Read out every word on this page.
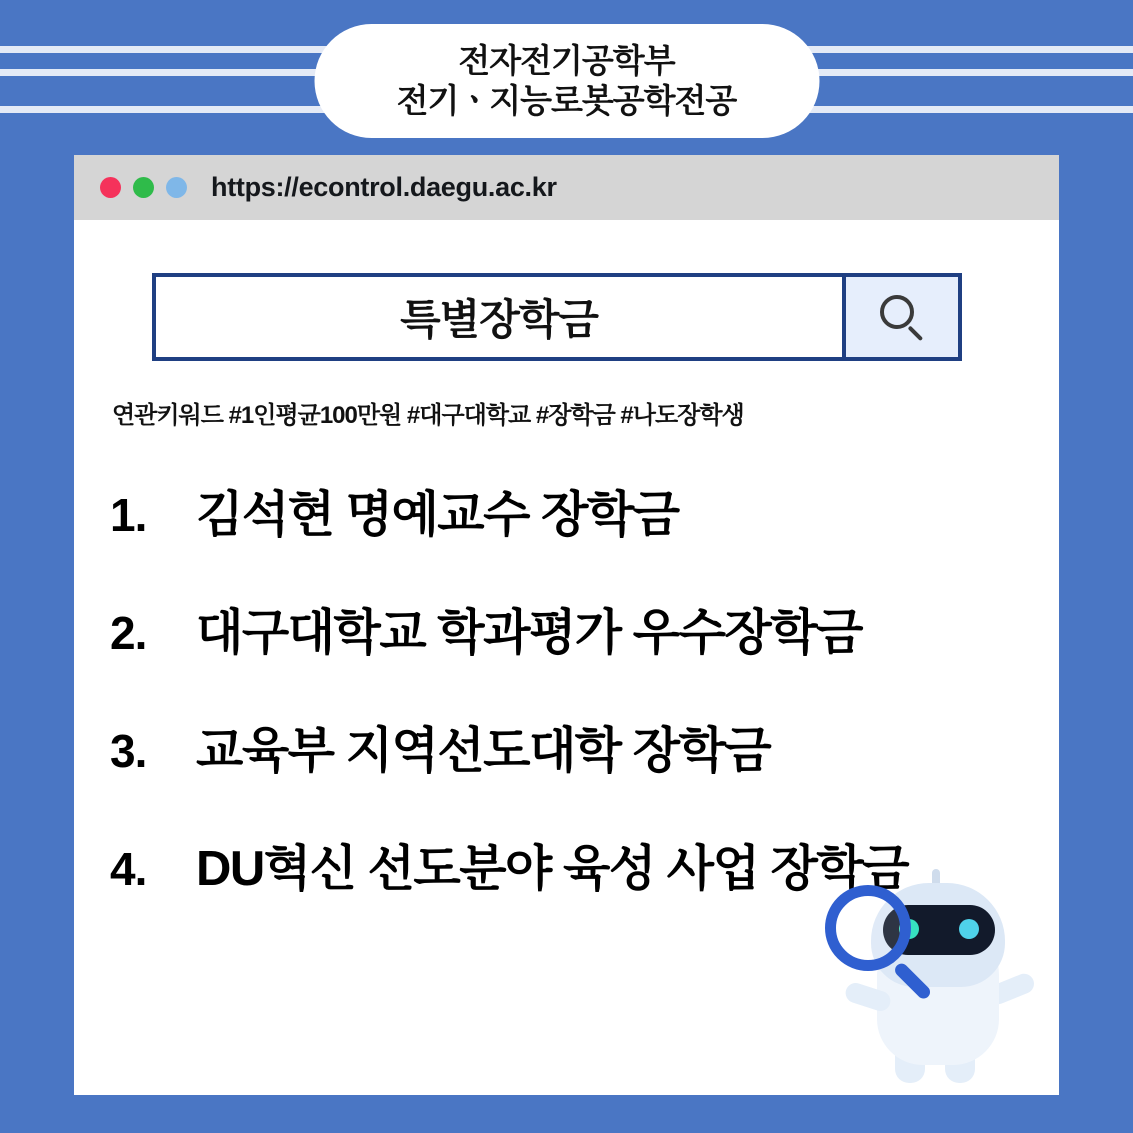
전자전기공학부
전기ㆍ지능로봇공학전공
https://econtrol.daegu.ac.kr
특별장학금
연관키워드 #1인평균100만원 #대구대학교 #장학금 #나도장학생
1.	김석현 명예교수 장학금
2.	대구대학교 학과평가 우수장학금
3.	교육부 지역선도대학 장학금
4.	DU혁신 선도분야 육성 사업 장학금
